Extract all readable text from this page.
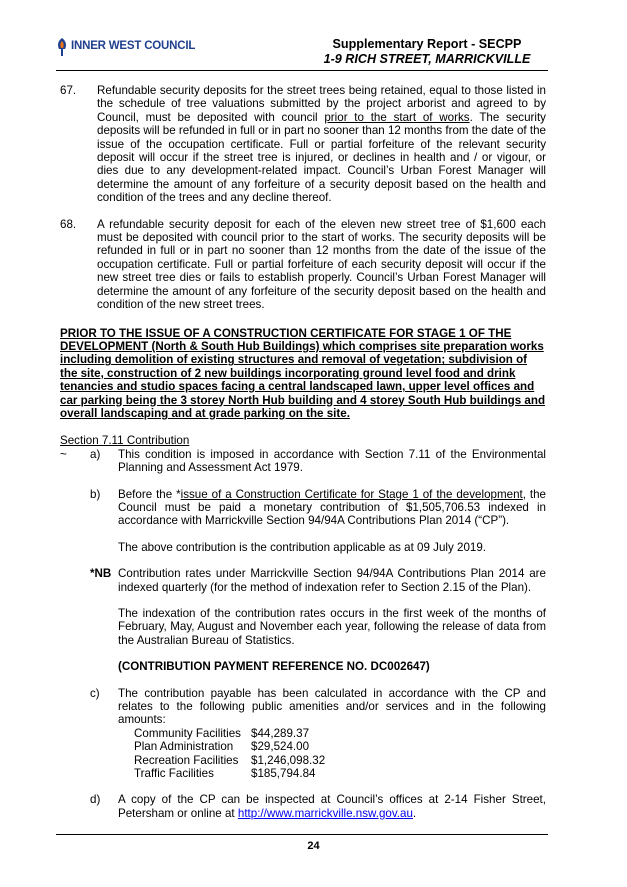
INNER WEST COUNCIL	Supplementary Report - SECPP
1-9 RICH STREET, MARRICKVILLE
67.	Refundable security deposits for the street trees being retained, equal to those listed in the schedule of tree valuations submitted by the project arborist and agreed to by Council, must be deposited with council prior to the start of works. The security deposits will be refunded in full or in part no sooner than 12 months from the date of the issue of the occupation certificate. Full or partial forfeiture of the relevant security deposit will occur if the street tree is injured, or declines in health and / or vigour, or dies due to any development-related impact. Council’s Urban Forest Manager will determine the amount of any forfeiture of a security deposit based on the health and condition of the trees and any decline thereof.
68.	A refundable security deposit for each of the eleven new street tree of $1,600 each must be deposited with council prior to the start of works. The security deposits will be refunded in full or in part no sooner than 12 months from the date of the issue of the occupation certificate. Full or partial forfeiture of each security deposit will occur if the new street tree dies or fails to establish properly. Council’s Urban Forest Manager will determine the amount of any forfeiture of the security deposit based on the health and condition of the new street trees.
PRIOR TO THE ISSUE OF A CONSTRUCTION CERTIFICATE FOR STAGE 1 OF THE DEVELOPMENT (North & South Hub Buildings) which comprises site preparation works including demolition of existing structures and removal of vegetation; subdivision of the site, construction of 2 new buildings incorporating ground level food and drink tenancies and studio spaces facing a central landscaped lawn, upper level offices and car parking being the 3 storey North Hub building and 4 storey South Hub buildings and overall landscaping and at grade parking on the site.
Section 7.11 Contribution
~	a)	This condition is imposed in accordance with Section 7.11 of the Environmental Planning and Assessment Act 1979.
b)	Before the *issue of a Construction Certificate for Stage 1 of the development, the Council must be paid a monetary contribution of $1,505,706.53 indexed in accordance with Marrickville Section 94/94A Contributions Plan 2014 (“CP”).
The above contribution is the contribution applicable as at 09 July 2019.
*NB Contribution rates under Marrickville Section 94/94A Contributions Plan 2014 are indexed quarterly (for the method of indexation refer to Section 2.15 of the Plan).
The indexation of the contribution rates occurs in the first week of the months of February, May, August and November each year, following the release of data from the Australian Bureau of Statistics.
(CONTRIBUTION PAYMENT REFERENCE NO. DC002647)
c)	The contribution payable has been calculated in accordance with the CP and relates to the following public amenities and/or services and in the following amounts:
Community Facilities $44,289.37
Plan Administration	$29,524.00
Recreation Facilities	$1,246,098.32
Traffic Facilities	$185,794.84
d)	A copy of the CP can be inspected at Council’s offices at 2-14 Fisher Street, Petersham or online at http://www.marrickville.nsw.gov.au.
24
